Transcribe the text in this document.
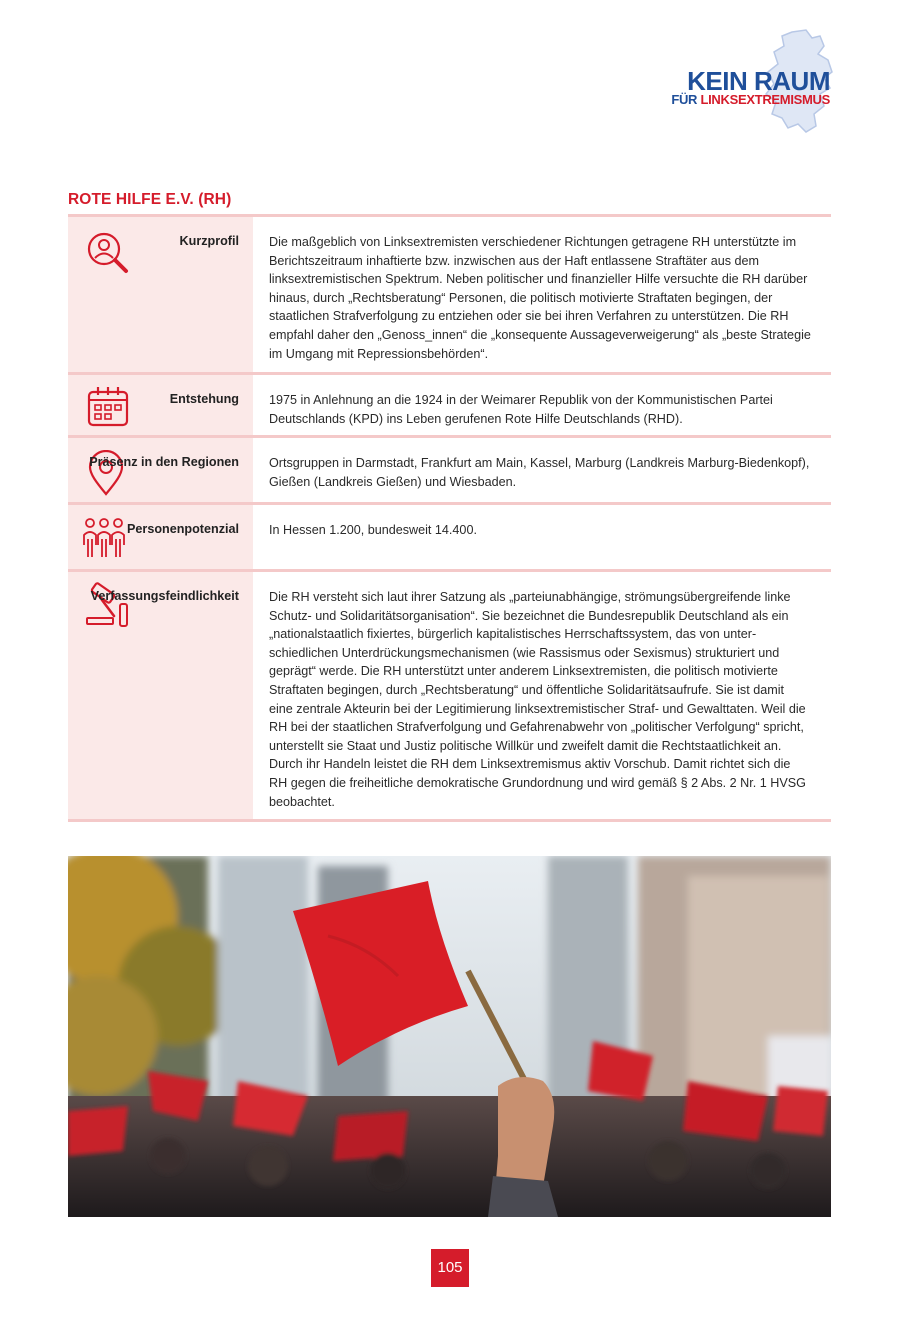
KEIN RAUM
FÜR LINKSEXTREMISMUS
ROTE HILFE E.V. (RH)
Kurzprofil	Die maßgeblich von Linksextremisten verschiedener Richtungen getragene RH unterstützte im Berichtszeitraum inhaftierte bzw. inzwischen aus der Haft entlassene Straftäter aus dem linksextremistischen Spektrum. Neben politischer und finanzieller Hilfe versuchte die RH darüber hinaus, durch „Rechtsberatung“ Personen, die politisch motivierte Straftaten begingen, der staatlichen Strafverfolgung zu entziehen oder sie bei ihren Verfahren zu unterstützen. Die RH empfahl daher den „Genoss_innen“ die „konsequente Aussageverweigerung“ als „beste Strategie im Umgang mit Repressionsbehörden“.
Entstehung	1975 in Anlehnung an die 1924 in der Weimarer Republik von der Kommunistischen Partei Deutschlands (KPD) ins Leben gerufenen Rote Hilfe Deutschlands (RHD).
Präsenz in den Regionen	Ortsgruppen in Darmstadt, Frankfurt am Main, Kassel, Marburg (Landkreis Marburg-Biedenkopf), Gießen (Landkreis Gießen) und Wiesbaden.
Personenpotenzial	In Hessen 1.200, bundesweit 14.400.
Verfassungsfeindlichkeit	Die RH versteht sich laut ihrer Satzung als „parteiunabhängige, strömungsübergreifende linke Schutz- und Solidaritätsorganisation“. Sie bezeichnet die Bundesrepublik Deutschland als ein „nationalstaatlich fixiertes, bürgerlich kapitalistisches Herrschaftssystem, das von unterschiedlichen Unterdrückungsmechanismen (wie Rassismus oder Sexismus) strukturiert und geprägt“ werde. Die RH unterstützt unter anderem Linksextremisten, die politisch motivierte Straftaten begingen, durch „Rechtsberatung“ und öffentliche Solidaritätsaufrufe. Sie ist damit eine zentrale Akteurin bei der Legitimierung linksextremistischer Straf- und Gewalttaten. Weil die RH bei der staatlichen Strafverfolgung und Gefahrenabwehr von „politischer Verfolgung“ spricht, unterstellt sie Staat und Justiz politische Willkür und zweifelt damit die Rechtstaatlichkeit an. Durch ihr Handeln leistet die RH dem Linksextremismus aktiv Vorschub. Damit richtet sich die RH gegen die freiheitliche demokratische Grundordnung und wird gemäß § 2 Abs. 2 Nr. 1 HVSG beobachtet.
105
